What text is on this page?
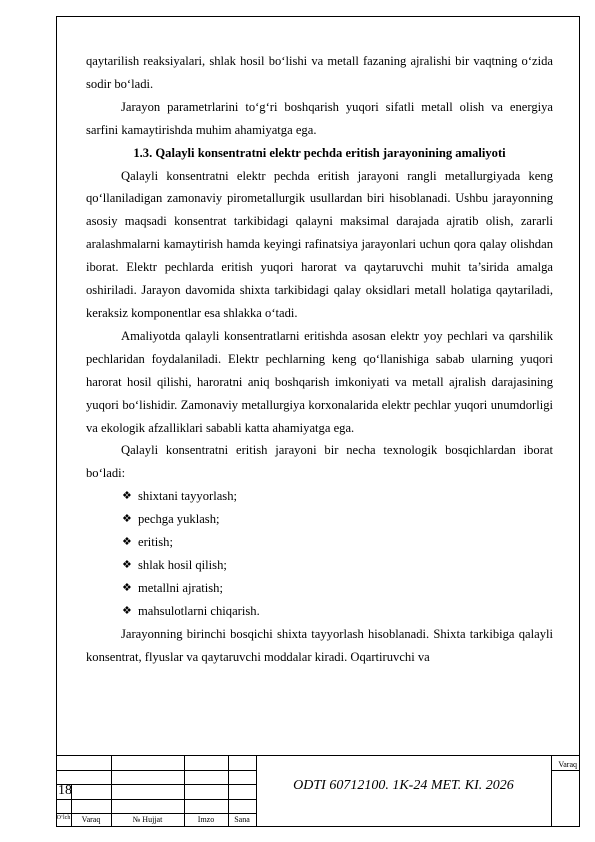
qaytarilish reaksiyalari, shlak hosil bo‘lishi va metall fazaning ajralishi bir vaqtning o‘zida sodir bo‘ladi.

Jarayon parametrlarini to‘g‘ri boshqarish yuqori sifatli metall olish va energiya sarfini kamaytirishda muhim ahamiyatga ega.

1.3. Qalayli konsentratni elektr pechda eritish jarayonining amaliyoti

Qalayli konsentratni elektr pechda eritish jarayoni rangli metallurgiyada keng qo‘llaniladigan zamonaviy pirometallurgik usullardan biri hisoblanadi. Ushbu jarayonning asosiy maqsadi konsentrat tarkibidagi qalayni maksimal darajada ajratib olish, zararli aralashmalarni kamaytirish hamda keyingi rafinatsiya jarayonlari uchun qora qalay olishdan iborat. Elektr pechlarda eritish yuqori harorat va qaytaruvchi muhit ta’sirida amalga oshiriladi. Jarayon davomida shixta tarkibidagi qalay oksidlari metall holatiga qaytariladi, keraksiz komponentlar esa shlakka o‘tadi.

Amaliyotda qalayli konsentratlarni eritishda asosan elektr yoy pechlari va qarshilik pechlaridan foydalaniladi. Elektr pechlarning keng qo‘llanishiga sabab ularning yuqori harorat hosil qilishi, haroratni aniq boshqarish imkoniyati va metall ajralish darajasining yuqori bo‘lishidir. Zamonaviy metallurgiya korxonalarida elektr pechlar yuqori unumdorligi va ekologik afzalliklari sababli katta ahamiyatga ega.

Qalayli konsentratni eritish jarayoni bir necha texnologik bosqichlardan iborat bo‘ladi:

❖ shixtani tayyorlash;
❖ pechga yuklash;
❖ eritish;
❖ shlak hosil qilish;
❖ metallni ajratish;
❖ mahsulotlarni chiqarish.

Jarayonning birinchi bosqichi shixta tayyorlash hisoblanadi. Shixta tarkibiga qalayli konsentrat, flyuslar va qaytaruvchi moddalar kiradi. Oqartiruvchi va

18	ODTI 60712100. 1K-24 MET. KI. 2026
Varaq
O‘lch	Varaq	№ Hujjat	Imzo	Sana
